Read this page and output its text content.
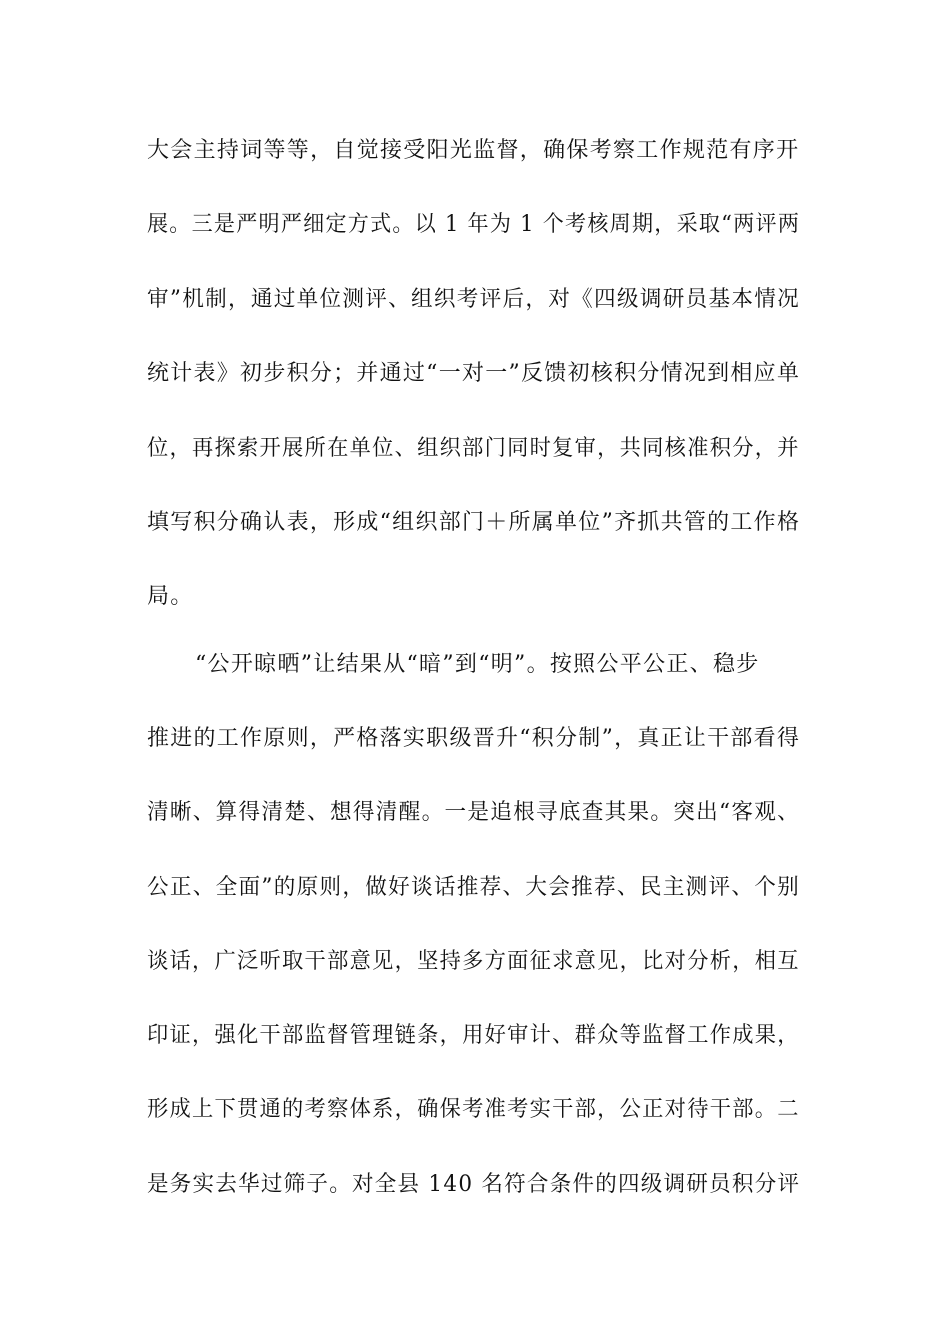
大会主持词等等，自觉接受阳光监督，确保考察工作规范有序开
展。三是严明严细定方式。以 1 年为 1 个考核周期，采取“两评两
审”机制，通过单位测评、组织考评后，对《四级调研员基本情况
统计表》初步积分；并通过“一对一”反馈初核积分情况到相应单
位，再探索开展所在单位、组织部门同时复审，共同核准积分，并
填写积分确认表，形成“组织部门＋所属单位”齐抓共管的工作格
局。
“公开晾晒”让结果从“暗”到“明”。按照公平公正、稳步
推进的工作原则，严格落实职级晋升“积分制”，真正让干部看得
清晰、算得清楚、想得清醒。一是追根寻底查其果。突出“客观、
公正、全面”的原则，做好谈话推荐、大会推荐、民主测评、个别
谈话，广泛听取干部意见，坚持多方面征求意见，比对分析，相互
印证，强化干部监督管理链条，用好审计、群众等监督工作成果，
形成上下贯通的考察体系，确保考准考实干部，公正对待干部。二
是务实去华过筛子。对全县 140 名符合条件的四级调研员积分评
